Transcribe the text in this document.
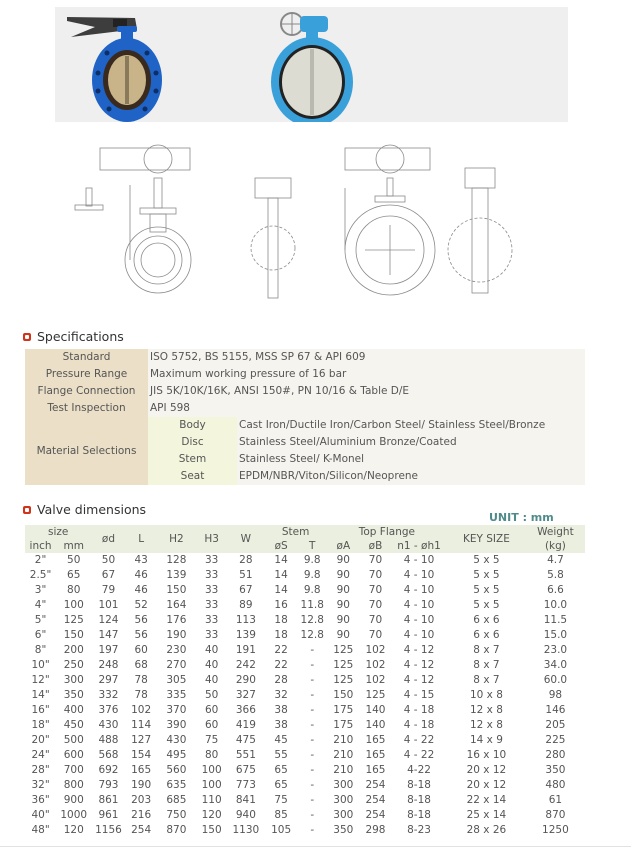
Specifications
Standard	ISO 5752, BS 5155, MSS SP 67 & API 609	
Pressure Range	Maximum working pressure of 16 bar	
Flange Connection	JIS 5K/10K/16K, ANSI 150#, PN 10/16 & Table D/E	
Test Inspection	API 598	
Material Selections	Body	Cast Iron/Ductile Iron/Carbon Steel/ Stainless Steel/Bronze
	Disc	Stainless Steel/Aluminium Bronze/Coated
	Stem	Stainless Steel/ K-Monel
	Seat	EPDM/NBR/Viton/Silicon/Neoprene
Valve dimensions
UNIT : mm
size		ød	L	H2	H3	W	Stem		Top Flange			KEY SIZE	Weight
(kg)
inch	mm						øS	T	øA	øB	n1 - øh1		
2"	50	50	43	128	33	28	14	9.8	90	70	4 - 10	5 x 5	4.7
2.5"	65	67	46	139	33	51	14	9.8	90	70	4 - 10	5 x 5	5.8
3"	80	79	46	150	33	67	14	9.8	90	70	4 - 10	5 x 5	6.6
4"	100	101	52	164	33	89	16	11.8	90	70	4 - 10	5 x 5	10.0
5"	125	124	56	176	33	113	18	12.8	90	70	4 - 10	6 x 6	11.5
6"	150	147	56	190	33	139	18	12.8	90	70	4 - 10	6 x 6	15.0
8"	200	197	60	230	40	191	22	-	125	102	4 - 12	8 x 7	23.0
10"	250	248	68	270	40	242	22	-	125	102	4 - 12	8 x 7	34.0
12"	300	297	78	305	40	290	28	-	125	102	4 - 12	8 x 7	60.0
14"	350	332	78	335	50	327	32	-	150	125	4 - 15	10 x 8	98
16"	400	376	102	370	60	366	38	-	175	140	4 - 18	12 x 8	146
18"	450	430	114	390	60	419	38	-	175	140	4 - 18	12 x 8	205
20"	500	488	127	430	75	475	45	-	210	165	4 - 22	14 x 9	225
24"	600	568	154	495	80	551	55	-	210	165	4 - 22	16 x 10	280
28"	700	692	165	560	100	675	65	-	210	165	4-22	20 x 12	350
32"	800	793	190	635	100	773	65	-	300	254	8-18	20 x 12	480
36"	900	861	203	685	110	841	75	-	300	254	8-18	22 x 14	61
40"	1000	961	216	750	120	940	85	-	300	254	8-18	25 x 14	870
48"	120	1156	254	870	150	1130	105	-	350	298	8-23	28 x 26	1250
